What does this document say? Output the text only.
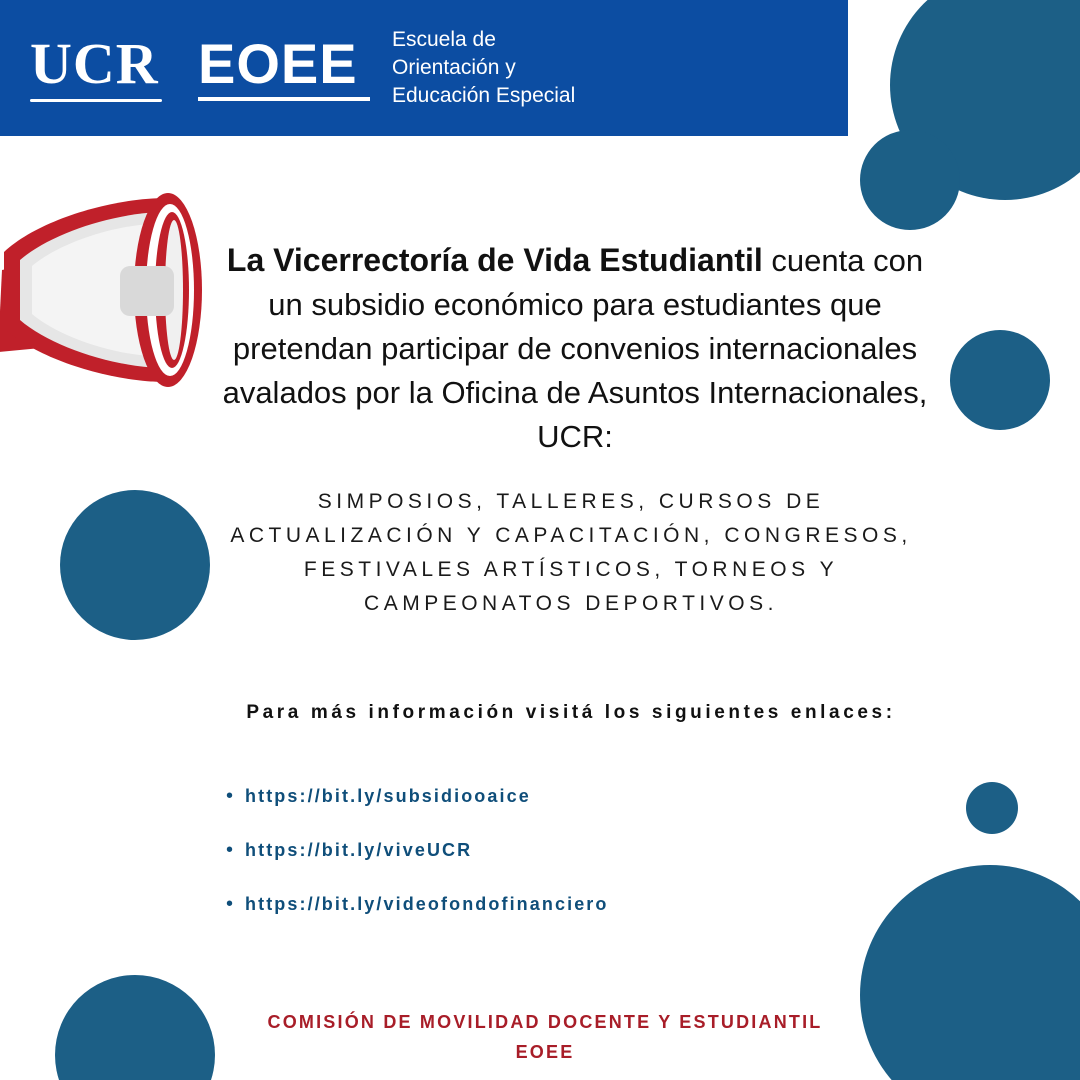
UCR EOEE Escuela de
Orientación y
Educación Especial
La Vicerrectoría de Vida Estudiantil cuenta con un subsidio económico para estudiantes que pretendan participar de convenios internacionales avalados por la Oficina de Asuntos Internacionales, UCR:
SIMPOSIOS, TALLERES, CURSOS DE ACTUALIZACIÓN Y CAPACITACIÓN, CONGRESOS, FESTIVALES ARTÍSTICOS, TORNEOS Y CAMPEONATOS DEPORTIVOS.
Para más información visitá los siguientes enlaces:
• https://bit.ly/subsidiooaice
• https://bit.ly/viveUCR
• https://bit.ly/videofondofinanciero
COMISIÓN DE MOVILIDAD DOCENTE Y ESTUDIANTIL
EOEE
